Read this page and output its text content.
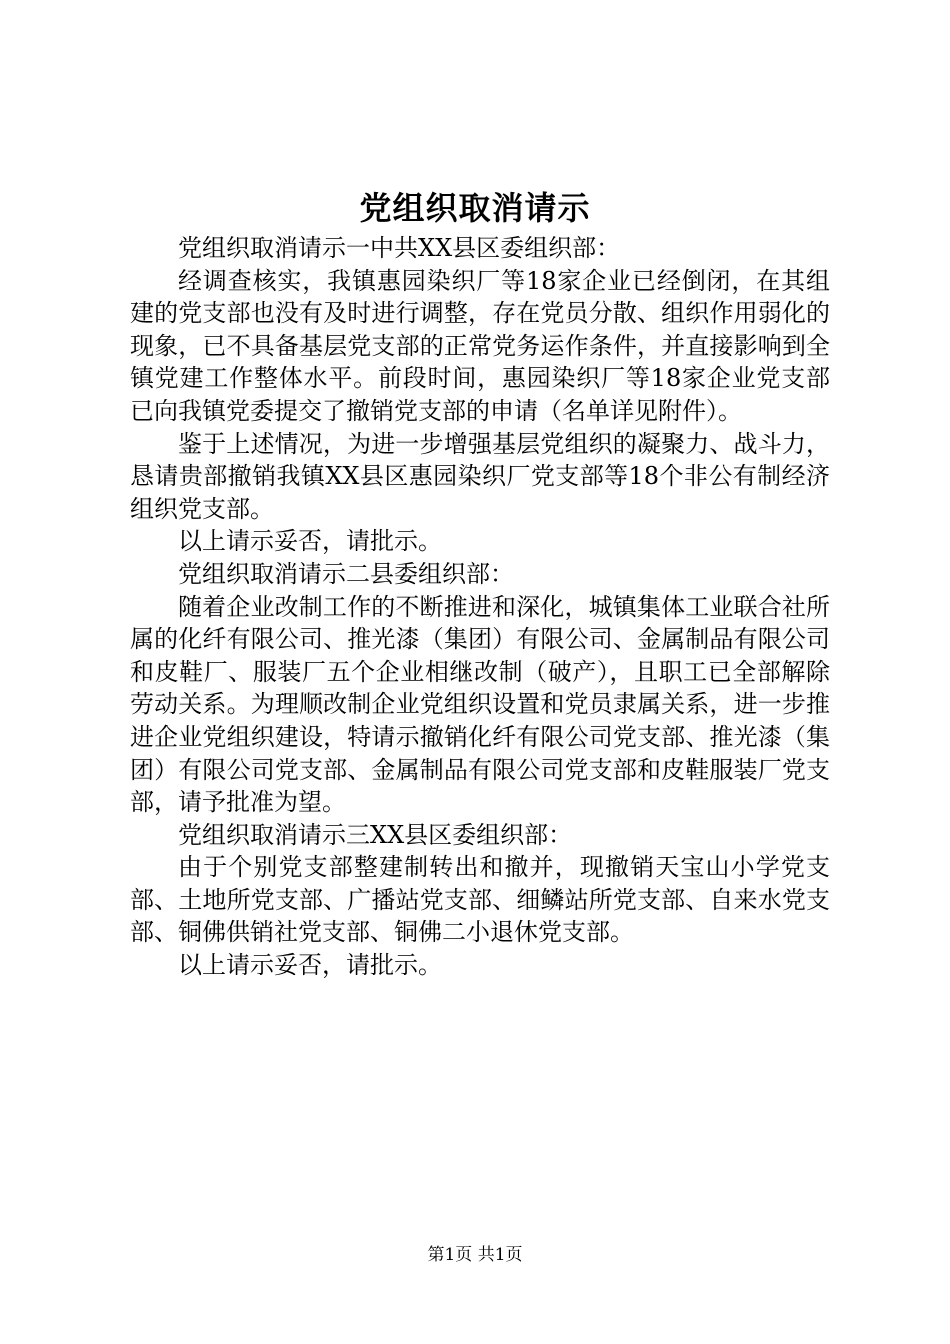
党组织取消请示

党组织取消请示一中共XX县区委组织部：

经调查核实，我镇惠园染织厂等18家企业已经倒闭，在其组建的党支部也没有及时进行调整，存在党员分散、组织作用弱化的现象，已不具备基层党支部的正常党务运作条件，并直接影响到全镇党建工作整体水平。前段时间，惠园染织厂等18家企业党支部已向我镇党委提交了撤销党支部的申请（名单详见附件）。

鉴于上述情况，为进一步增强基层党组织的凝聚力、战斗力，恳请贵部撤销我镇XX县区惠园染织厂党支部等18个非公有制经济组织党支部。

以上请示妥否，请批示。

党组织取消请示二县委组织部：

随着企业改制工作的不断推进和深化，城镇集体工业联合社所属的化纤有限公司、推光漆（集团）有限公司、金属制品有限公司和皮鞋厂、服装厂五个企业相继改制（破产），且职工已全部解除劳动关系。为理顺改制企业党组织设置和党员隶属关系，进一步推进企业党组织建设，特请示撤销化纤有限公司党支部、推光漆（集团）有限公司党支部、金属制品有限公司党支部和皮鞋服装厂党支部，请予批准为望。

党组织取消请示三XX县区委组织部：

由于个别党支部整建制转出和撤并，现撤销天宝山小学党支部、土地所党支部、广播站党支部、细鳞站所党支部、自来水党支部、铜佛供销社党支部、铜佛二小退休党支部。

以上请示妥否，请批示。

第1页 共1页
